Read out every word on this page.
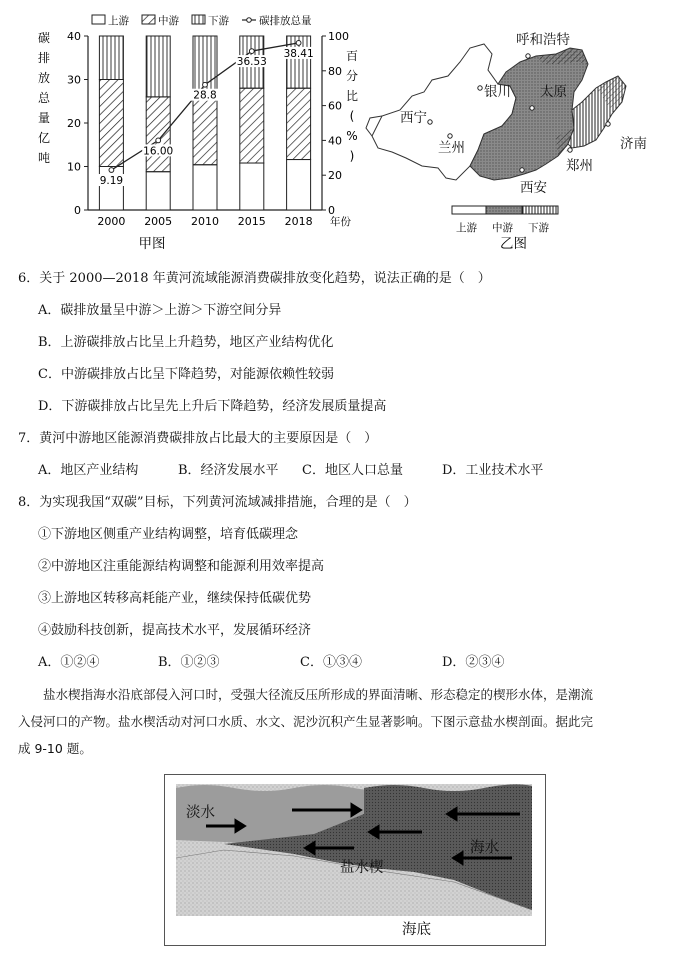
上游	中游	下游	碳排放总量
碳
排
放
总
量
亿
吨
百
分
比
(
%
)
0
10
20
30
40
0
20
40
60
80
100
2000 2005 2010 2015 2018
9.19
16.00
28.8
36.53
38.41
年份
甲图
呼和浩特
银川 太原
西宁
兰州	济南
郑州
西安
上游 中游 下游
乙图
6．关于 2000—2018 年黄河流域能源消费碳排放变化趋势，说法正确的是（　）
A．碳排放量呈中游＞上游＞下游空间分异
B．上游碳排放占比呈上升趋势，地区产业结构优化
C．中游碳排放占比呈下降趋势，对能源依赖性较弱
D．下游碳排放占比呈先上升后下降趋势，经济发展质量提高
7．黄河中游地区能源消费碳排放占比最大的主要原因是（　）
A．地区产业结构	B．经济发展水平 C．地区人口总量	D．工业技术水平
8．为实现我国“双碳”目标，下列黄河流域减排措施，合理的是（　）
①下游地区侧重产业结构调整，培育低碳理念
②中游地区注重能源结构调整和能源利用效率提高
③上游地区转移高耗能产业，继续保持低碳优势
④鼓励科技创新，提高技术水平，发展循环经济
A．①②④	B．①②③	C．①③④	D．②③④
　　盐水楔指海水沿底部侵入河口时，受强大径流反压所形成的界面清晰、形态稳定的楔形水体，是潮流
入侵河口的产物。盐水楔活动对河口水质、水文、泥沙沉积产生显著影响。下图示意盐水楔剖面。据此完
成 9-10 题。
淡水
海水
盐水楔
海底
